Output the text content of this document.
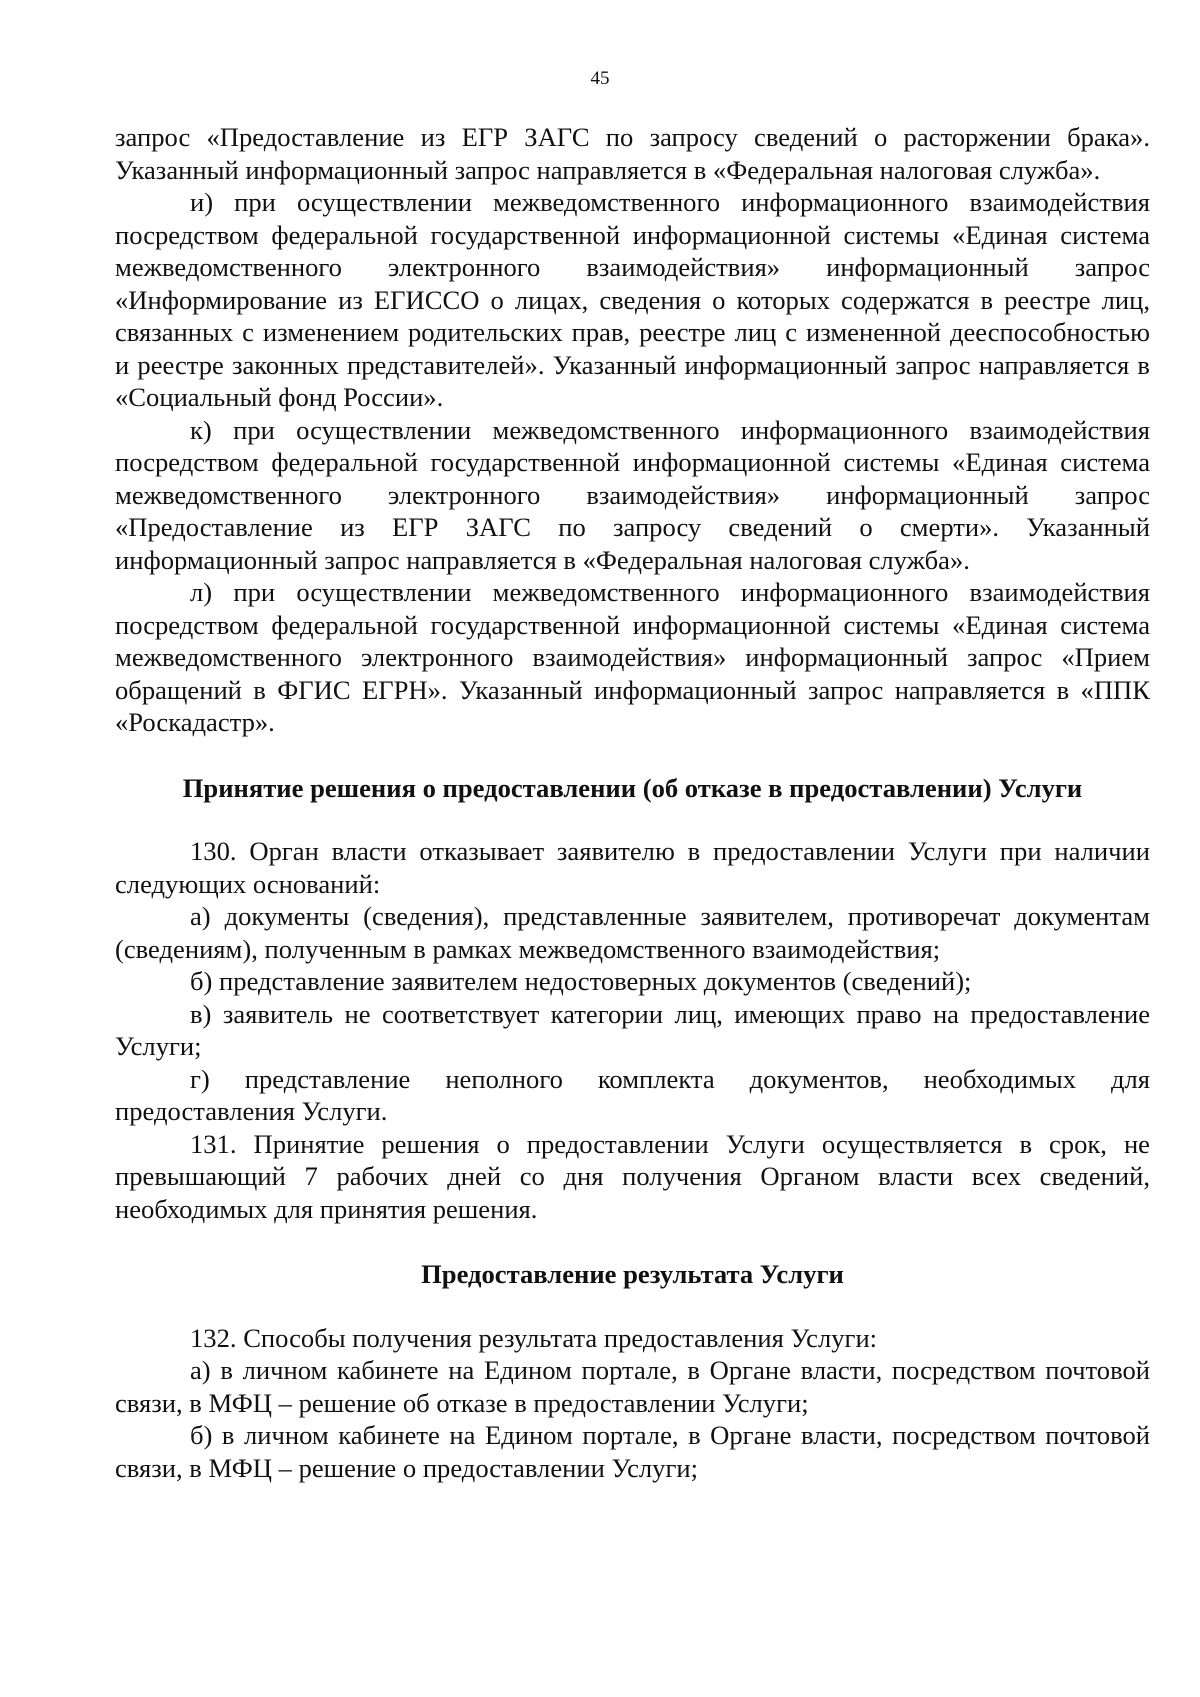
45

запрос «Предоставление из ЕГР ЗАГС по запросу сведений о расторжении брака». Указанный информационный запрос направляется в «Федеральная налоговая служба».

и) при осуществлении межведомственного информационного взаимодействия посредством федеральной государственной информационной системы «Единая система межведомственного электронного взаимодействия» информационный запрос «Информирование из ЕГИССО о лицах, сведения о которых содержатся в реестре лиц, связанных с изменением родительских прав, реестре лиц с измененной дееспособностью и реестре законных представителей». Указанный информационный запрос направляется в «Социальный фонд России».

к) при осуществлении межведомственного информационного взаимодействия посредством федеральной государственной информационной системы «Единая система межведомственного электронного взаимодействия» информационный запрос «Предоставление из ЕГР ЗАГС по запросу сведений о смерти». Указанный информационный запрос направляется в «Федеральная налоговая служба».

л) при осуществлении межведомственного информационного взаимодействия посредством федеральной государственной информационной системы «Единая система межведомственного электронного взаимодействия» информационный запрос «Прием обращений в ФГИС ЕГРН». Указанный информационный запрос направляется в «ППК «Роскадастр».

Принятие решения о предоставлении (об отказе в предоставлении) Услуги

130. Орган власти отказывает заявителю в предоставлении Услуги при наличии следующих оснований:

а) документы (сведения), представленные заявителем, противоречат документам (сведениям), полученным в рамках межведомственного взаимодействия;

б) представление заявителем недостоверных документов (сведений);

в) заявитель не соответствует категории лиц, имеющих право на предоставление Услуги;

г) представление неполного комплекта документов, необходимых для предоставления Услуги.

131. Принятие решения о предоставлении Услуги осуществляется в срок, не превышающий 7 рабочих дней со дня получения Органом власти всех сведений, необходимых для принятия решения.

Предоставление результата Услуги

132. Способы получения результата предоставления Услуги:

а) в личном кабинете на Едином портале, в Органе власти, посредством почтовой связи, в МФЦ – решение об отказе в предоставлении Услуги;

б) в личном кабинете на Едином портале, в Органе власти, посредством почтовой связи, в МФЦ – решение о предоставлении Услуги;
